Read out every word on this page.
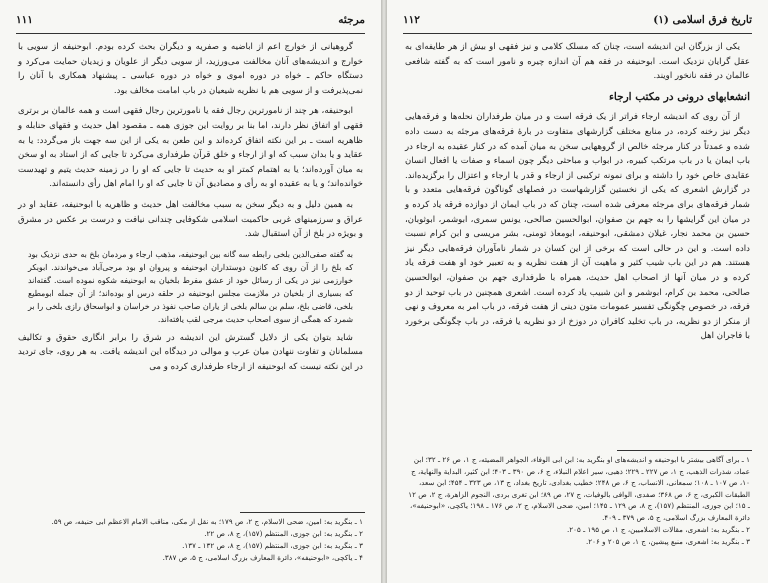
مرجئه
۱۱۱

گروهیانی از خوارج اعم از اباضیه و صفریه و دیگران بحث کرده بودم. ابوحنیفه از سویی با خوارج و اندیشه‌های آنان مخالفت می‌ورزید، از سویی دیگر از علویان و زیدیان حمایت می‌کرد و دستگاه حاکم ـ خواه در دوره اموی و خواه در دوره عباسی ـ پیشنهاد همکاری با آنان را نمی‌پذیرفت و از سویی هم با نظریه شیعیان در باب امامت مخالف بود.

ابوحنیفه، هر چند از نامورترین رجال فقه یا نامورترین رجال فقهی است و همه عالمان بر برتری فقهی او اتفاق نظر دارند، اما بنا بر روایت این جوزی همه ـ مقصود اهل حدیث و فقهای حنابله و ظاهریه است ـ بر این نکته اتفاق کرده‌اند و این طعن به یکی از این سه جهت باز می‌گردد: یا به عقاید و یا بدان سبب که او از ارجاء و خلق قرآن طرفداری می‌کرد تا جایی که از استاد به او سخن به میان آورده‌اند؛ یا به اهتمام کمتر او به حدیث تا جایی که او را در زمینه حدیث یتیم و تهیدست خوانده‌اند؛ و یا به عقیده او به رأی و مصادیق آن تا جایی که او را امام اهل رأی دانسته‌اند.

به همین دلیل و به دیگر سخن به سبب مخالفت اهل حدیث و ظاهریه با ابوحنیفه، عقاید او در عراق و سرزمینهای غربی حاکمیت اسلامی شکوفایی چندانی نیافت و درست بر عکس در مشرق و بویژه در بلخ از آن استقبال شد.

به گفته صفی‌الدین بلخی رابطه سه گانه بین ابوحنیفه، مذهب ارجاء و مردمان بلخ به حدی نزدیک بود که بلخ را از آن روی که کانون دوستداران ابوحنیفه و پیروان او بود مرجی‌آباد می‌خواندند. ابوبکر خوارزمی نیز در یکی از رسائل خود از عشق مفرط بلخیان به ابوحنیفه شکوه نموده است. گفته‌اند که بسیاری از بلخیان در ملازمت مجلس ابوحنیفه در حلقه درس او بوده‌اند؛ از آن جمله ابومطیع بلخی، قاضی بلخ، سلم بن سالم بلخی از یاران صاحب نفوذ در خراسان و ابواسحاق رازی بلخی را بر شمرد که همگی از سوی اصحاب حدیث مرجی لقب یافته‌اند.

شاید بتوان یکی از دلایل گسترش این اندیشه در شرق را برابر انگاری حقوق و تکالیف مسلمانان و تفاوت ننهادن میان عرب و موالی در دیدگاه این اندیشه یافت. به هر روی، جای تردید در این نکته نیست که ابوحنیفه از ارجاء طرفداری کرده و می

۱ ـ بنگرید به: امین، ضحی الاسلام، ج ۲، ص ۱۷۹؛ به نقل از مکی، مناقب الامام الاعظم ابی حنیفه، ص ۵۹.
۲ ـ بنگرید به: ابن جوزی، المنتظم (۱۵۷)، ج ۸، ص ۲۲.
۳ ـ بنگرید به: ابن جوزی، المنتظم (۱۵۷)، ج ۸، ص ۱۳۲ ـ ۱۳۷.
۴ ـ یاکچی، «ابوحنیفه»، دائرة المعارف بزرگ اسلامی، ج ۵، ص ۳۸۷.
تاریخ فرق اسلامی (۱)
۱۱۲

یکی از بزرگان این اندیشه است، چنان که مسلک کلامی و نیز فقهی او بیش از هر طایفه‌ای به عقل گرایان نزدیک است. ابوحنیفه در فقه هم آن اندازه چیره و نامور است که به گفته شافعی عالمان در فقه نانخور اویند.

انشعابهای درونی در مکتب ارجاء

از آن روی که اندیشه ارجاء فراتر از یک فرقه است و در میان طرفداران نحله‌ها و فرقه‌هایی دیگر نیز رخنه کرده، در منابع مختلف گزارشهای متفاوت در بارهٔ فرقه‌های مرجئه به دست داده شده و عمدتاً در کنار مرجئه خالص از گروههایی سخن به میان آمده که در کنار عقیده به ارجاء در باب ایمان یا در باب مرتکب کبیره، در ابواب و مباحثی دیگر چون اسماء و صفات یا افعال انسان عقایدی خاص خود را داشته و برای نمونه ترکیبی از ارجاء و قدر یا ارجاء و اعتزال را برگزیده‌اند. در گزارش اشعری که یکی از نخستین گزارشهاست در فصلهای گوناگون فرقه‌هایی متعدد و با شمار فرقه‌های برای مرجئه معرفی شده است، چنان که در باب ایمان از دوازده فرقه یاد کرده و در میان این گرایشها را به جهم بن صفوان، ابوالحسین صالحی، یونس سمری، ابوشمر، ابوثوبان، حسین بن محمد نجار، غیلان دمشقی، ابوحنیفه، ابومعاذ تومنی، بشر مریسی و ابن کرام نسبت داده است. و این در حالی است که برخی از این کسان در شمار نامآوران فرقه‌هایی دیگر نیز هستند. هم در این باب شیب کثیر و ماهیت آن از هفت نظریه و به تعبیر خود او هفت فرقه یاد کرده و در میان آنها از اصحاب اهل حدیث، همراه با طرفداری جهم بن صفوان، ابوالحسین صالحی، محمد بن کرام، ابوشمر و ابن شبیب یاد کرده است. اشعری همچنین در باب توحید از دو فرقه، در خصوص چگونگی تفسیر عمومات متون دینی از هفت فرقه، در باب امر به معروف و نهی از منکر از دو نظریه، در باب تخلید کافران در دوزخ از دو نظریه یا فرقه، در باب چگونگی برخورد با فاجران اهل

۱ ـ برای آگاهی بیشتر با ابوحنیفه و اندیشه‌های او بنگرید به: ابن ابی الوفاء، الجواهر المضیئه، ج ۱، ص ۲۶ ـ ۳۲؛ ابن عماد، شذرات الذهب، ج ۱، ص ۲۲۷ ـ ۲۲۹؛ ذهبی، سیر اعلام النبلاء، ج ۶، ص ۳۹۰ ـ ۴۰۳؛ ابن کثیر، البدایة والنهایة، ج ۱۰، ص ۱۰۷ ـ ۱۰۸؛ سمعانی، الانساب، ج ۶، ص ۲۴۸؛ خطیب بغدادی، تاریخ بغداد، ج ۱۳، ص ۳۲۳ ـ ۴۵۴؛ ابن سعد، الطبقات الکبری، ج ۶، ص ۳۶۸؛ صفدی، الوافی بالوفیات، ج ۲۷، ص ۸۹؛ ابن تغری بردی، النجوم الزاهرة، ج ۲، ص ۱۲ ـ ۱۵؛ ابن جوزی، المنتظم (۱۵۷)، ج ۸، ص ۱۲۹ ـ ۱۴۵؛ امین، ضحی الاسلام، ج ۲، ص ۱۷۶ ـ ۱۹۸؛ یاکچی، «ابوحنیفه»، دائرة المعارف بزرگ اسلامی، ج ۵، ص ۳۷۹ ـ ۴۰۹.
۲ ـ بنگرید به: اشعری، مقالات الاسلامیین، ج ۱، ص ۱۹۵ ـ ۲۰۵.
۳ ـ بنگرید به: اشعری، منبع پیشین، ج ۱، ص ۲۰۵ و ۲۰۶.
